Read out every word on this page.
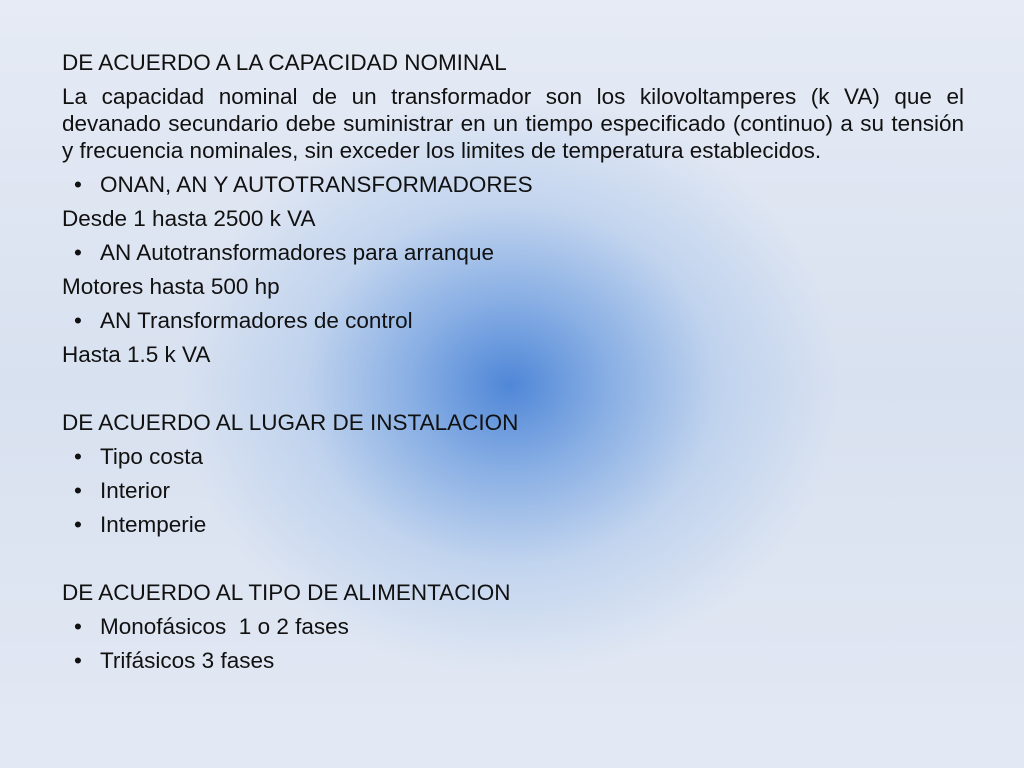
DE ACUERDO A LA CAPACIDAD NOMINAL
La capacidad nominal de un transformador son los kilovoltamperes (k VA) que el devanado secundario debe suministrar en un tiempo especificado (continuo) a su tensión y frecuencia nominales, sin exceder los limites de temperatura establecidos.
• ONAN, AN Y AUTOTRANSFORMADORES
Desde 1 hasta 2500 k VA
• AN Autotransformadores para arranque
Motores hasta 500 hp
• AN Transformadores de control
Hasta 1.5 k VA
DE ACUERDO AL LUGAR DE INSTALACION
• Tipo costa
• Interior
• Intemperie
DE ACUERDO AL TIPO DE ALIMENTACION
• Monofásicos  1 o 2 fases
• Trifásicos 3 fases
